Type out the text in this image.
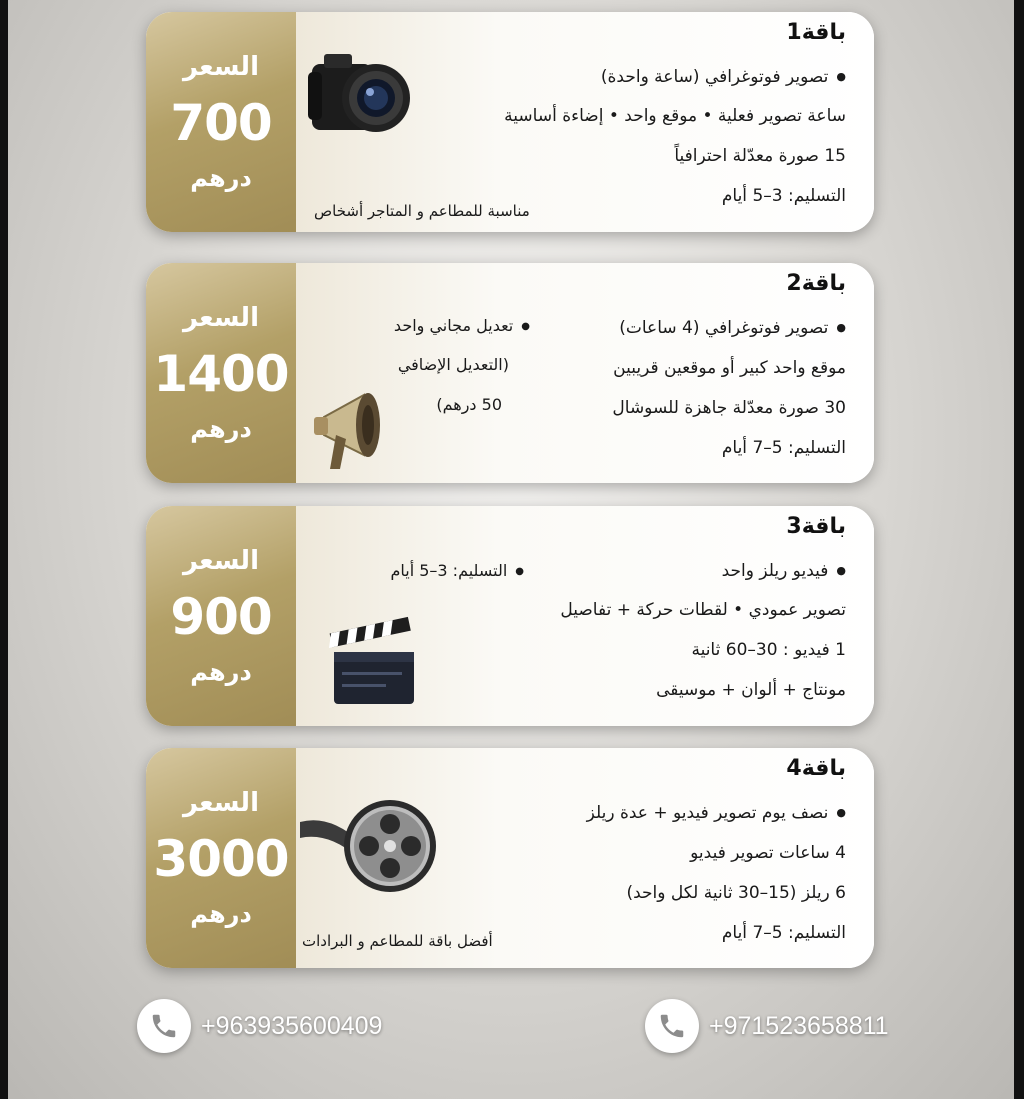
السعر
700
درهم
باقة1
● تصوير فوتوغرافي (ساعة واحدة)
ساعة تصوير فعلية • موقع واحد • إضاءة أساسية
15 صورة معدّلة احترافياً
التسليم: 3–5 أيام
مناسبة للمطاعم و المتاجر أشخاص
السعر
1400
درهم
باقة2
● تصوير فوتوغرافي (4 ساعات)
موقع واحد كبير أو موقعين قريبين
30 صورة معدّلة جاهزة للسوشال
التسليم: 5–7 أيام
● تعديل مجاني واحد
(التعديل الإضافي
50 درهم)
السعر
900
درهم
باقة3
● فيديو ريلز واحد
تصوير عمودي • لقطات حركة + تفاصيل
1 فيديو : 30–60 ثانية
مونتاج + ألوان + موسيقى
● التسليم: 3–5 أيام
السعر
3000
درهم
باقة4
● نصف يوم تصوير فيديو + عدة ريلز
4 ساعات تصوير فيديو
6 ريلز (15–30 ثانية لكل واحد)
التسليم: 5–7 أيام
أفضل باقة للمطاعم و البرادات
+963935600409	+971523658811
